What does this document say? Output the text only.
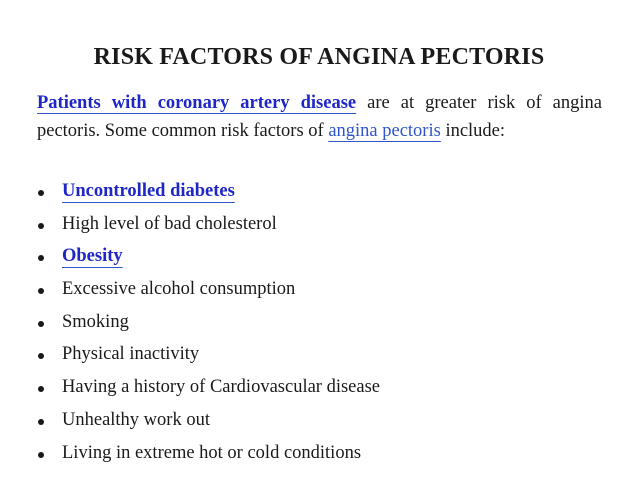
RISK FACTORS OF ANGINA PECTORIS

Patients with coronary artery disease are at greater risk of angina pectoris. Some common risk factors of angina pectoris include:

Uncontrolled diabetes
High level of bad cholesterol
Obesity
Excessive alcohol consumption
Smoking
Physical inactivity
Having a history of Cardiovascular disease
Unhealthy work out
Living in extreme hot or cold conditions
